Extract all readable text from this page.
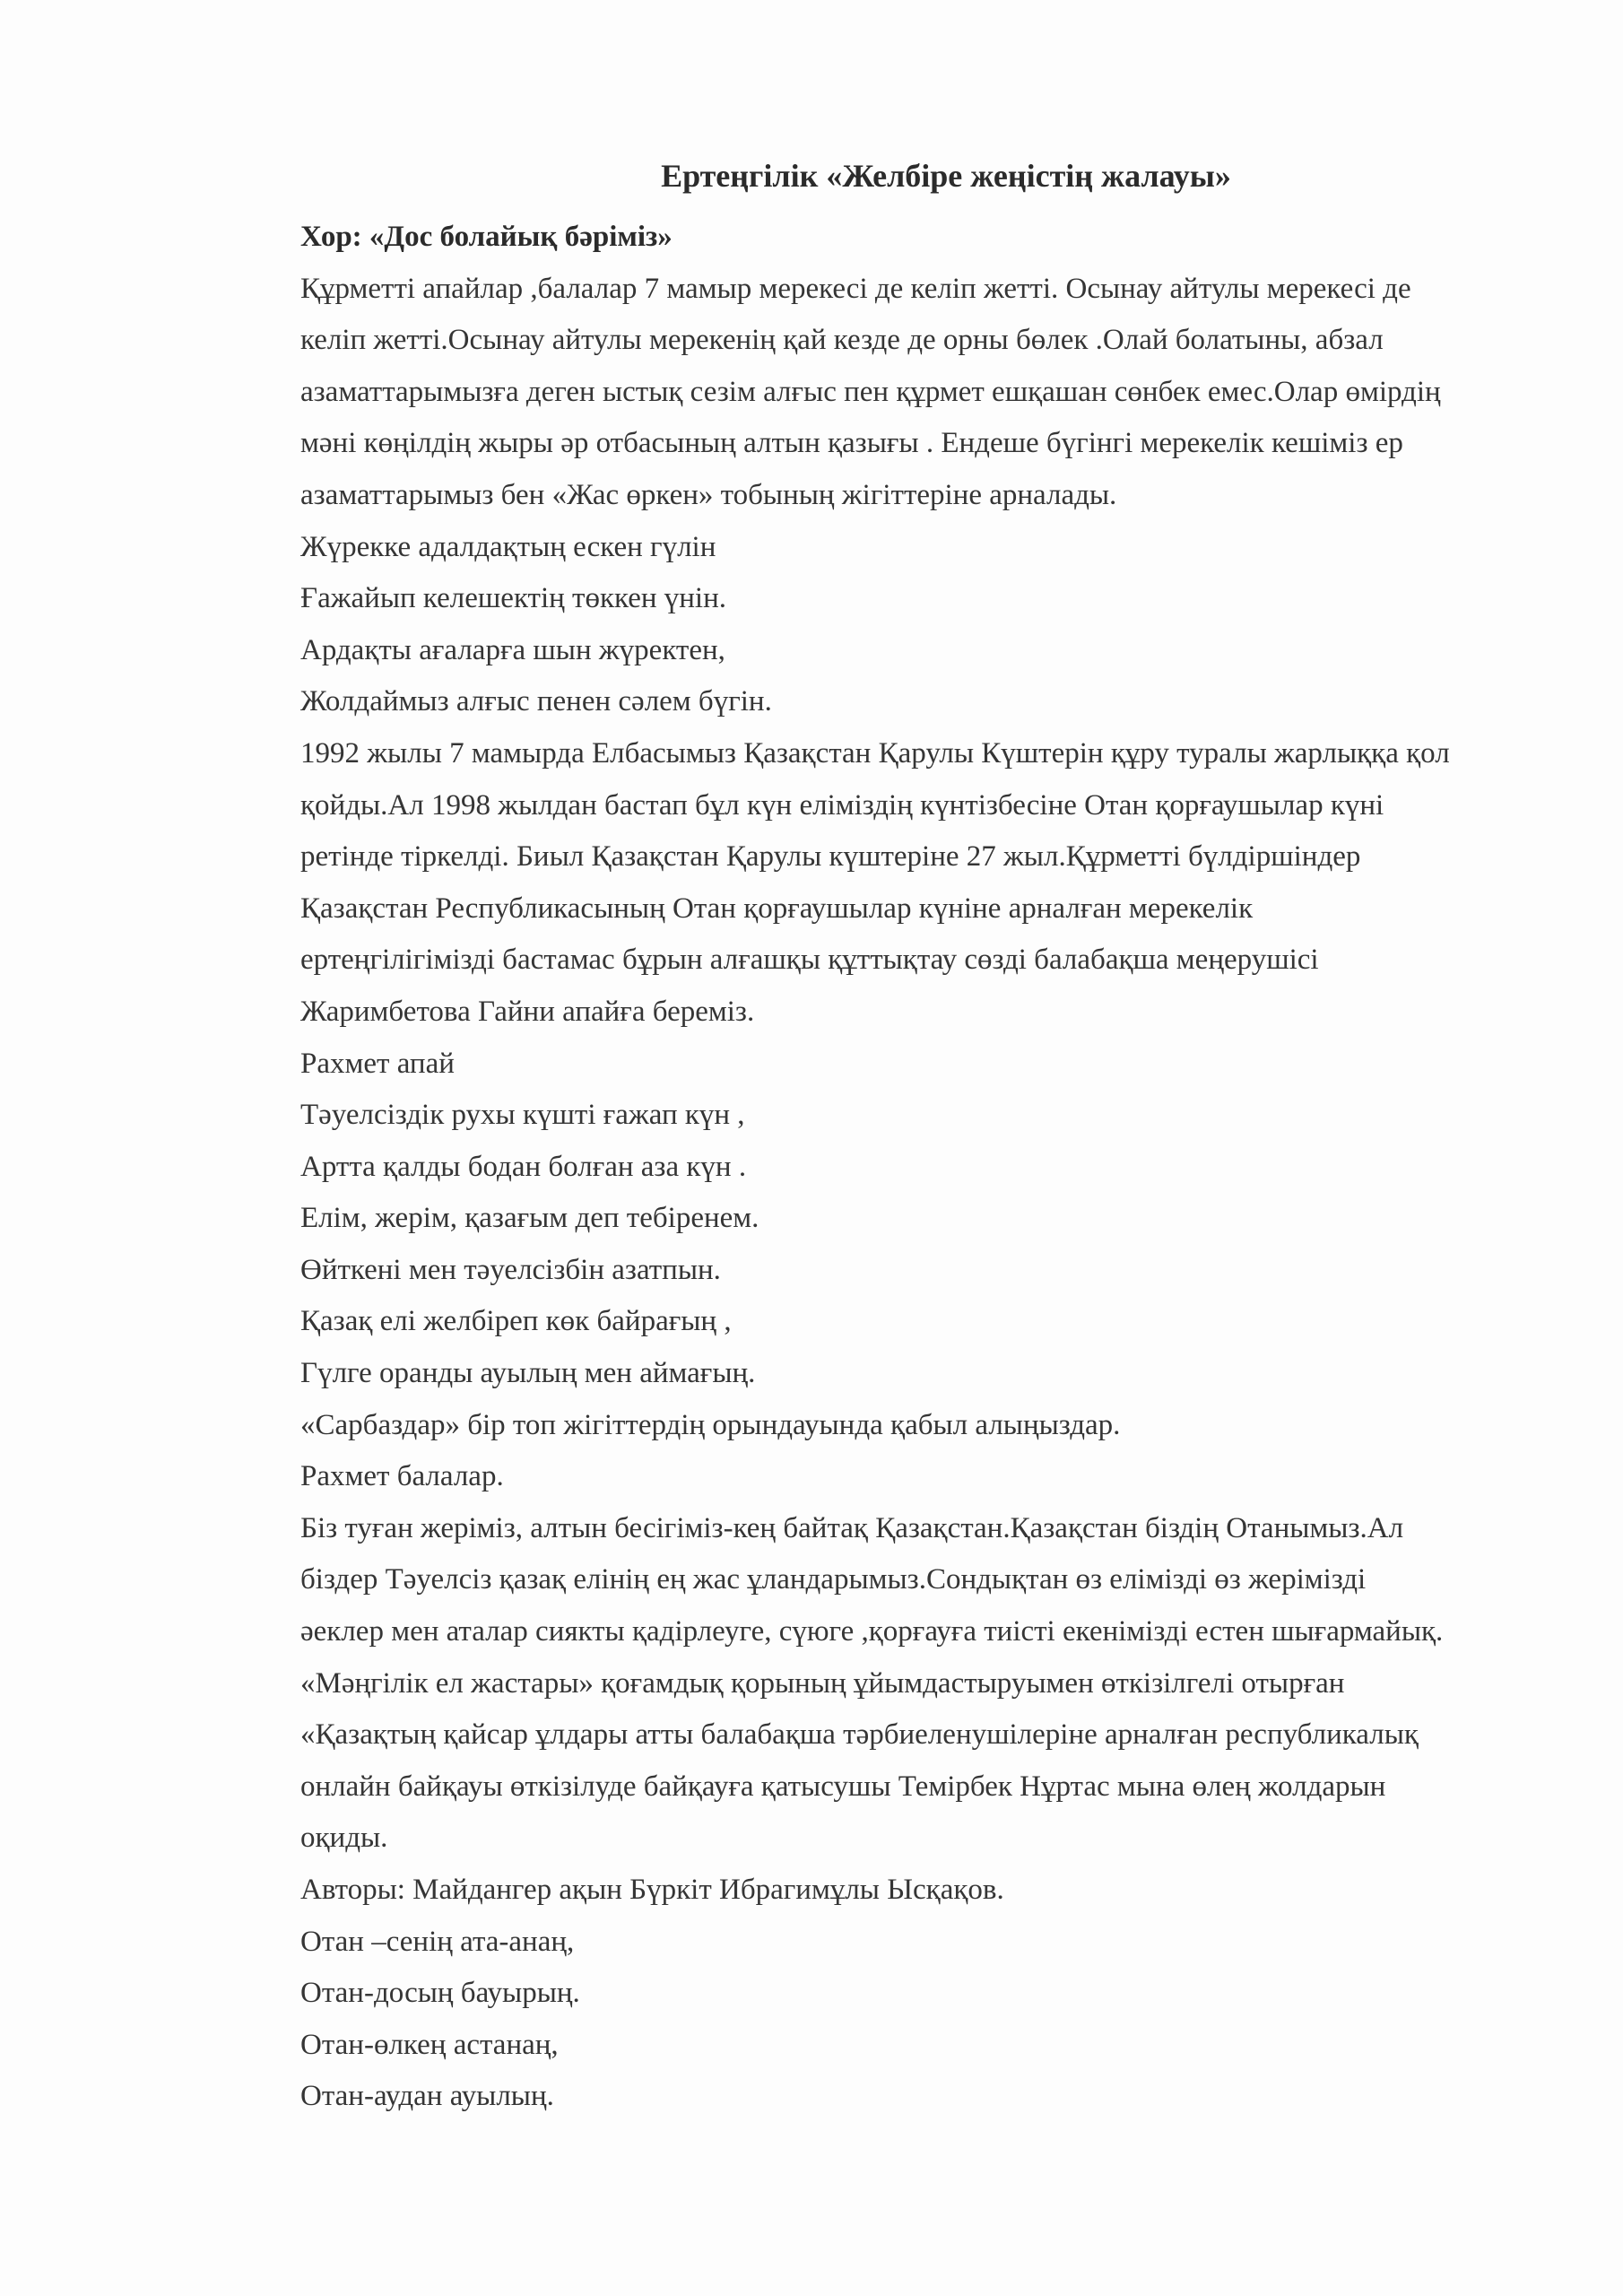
Ертеңгілік «Желбіре жеңістің жалауы»
Хор: «Дос болайық бәріміз»
Құрметті апайлар ,балалар 7 мамыр мерекесі де келіп жетті. Осынау айтулы мерекесі де
келіп жетті.Осынау айтулы мерекенің қай кезде де орны бөлек .Олай болатыны, абзал
азаматтарымызға деген ыстық сезім алғыс пен құрмет ешқашан сөнбек емес.Олар өмірдің
мәні көңілдің жыры әр отбасының алтын қазығы . Ендеше бүгінгі мерекелік кешіміз ер
азаматтарымыз бен «Жас өркен» тобының жігіттеріне арналады.
Жүрекке адалдақтың ескен гүлін
Ғажайып келешектің төккен үнін.
Ардақты ағаларға шын жүректен,
Жолдаймыз алғыс пенен сәлем бүгін.
1992 жылы 7 мамырда Елбасымыз Қазақстан Қарулы Күштерін құру туралы жарлыққа қол
қойды.Ал 1998 жылдан бастап бұл күн еліміздің күнтізбесіне Отан қорғаушылар күні
ретінде тіркелді. Биыл Қазақстан Қарулы күштеріне 27 жыл.Құрметті бүлдіршіндер
Қазақстан Республикасының Отан қорғаушылар күніне арналған мерекелік
ертеңгілігімізді бастамас бұрын алғашқы құттықтау сөзді балабақша меңерушісі
Жаримбетова Гайни апайға береміз.
Рахмет апай
Тәуелсіздік рухы күшті ғажап күн ,
Артта қалды бодан болған аза күн .
Елім, жерім, қазағым деп тебіренем.
Өйткені мен тәуелсізбін азатпын.
Қазақ елі желбіреп көк байрағың ,
Гүлге оранды ауылың мен аймағың.
«Сарбаздар» бір топ жігіттердің орындауында қабыл алыңыздар.
Рахмет балалар.
Біз туған жеріміз, алтын бесігіміз-кең байтақ Қазақстан.Қазақстан біздің Отанымыз.Ал
біздер Тәуелсіз қазақ елінің ең жас ұландарымыз.Сондықтан өз елімізді өз жерімізді
әеклер мен аталар сиякты қадірлеуге, сүюге ,қорғауға тиісті екенімізді естен шығармайық.
«Мәңгілік ел жастары» қоғамдық қорының ұйымдастыруымен өткізілгелі отырған
«Қазақтың қайсар ұлдары атты балабақша тәрбиеленушілеріне арналған республикалық
онлайн байқауы өткізілуде байқауға қатысушы Темірбек Нұртас мына өлең жолдарын
оқиды.
Авторы: Майдангер ақын Бүркіт Ибрагимұлы Ысқақов.
Отан –сенің ата-анаң,
Отан-досың бауырың.
Отан-өлкең астанаң,
Отан-аудан ауылың.
